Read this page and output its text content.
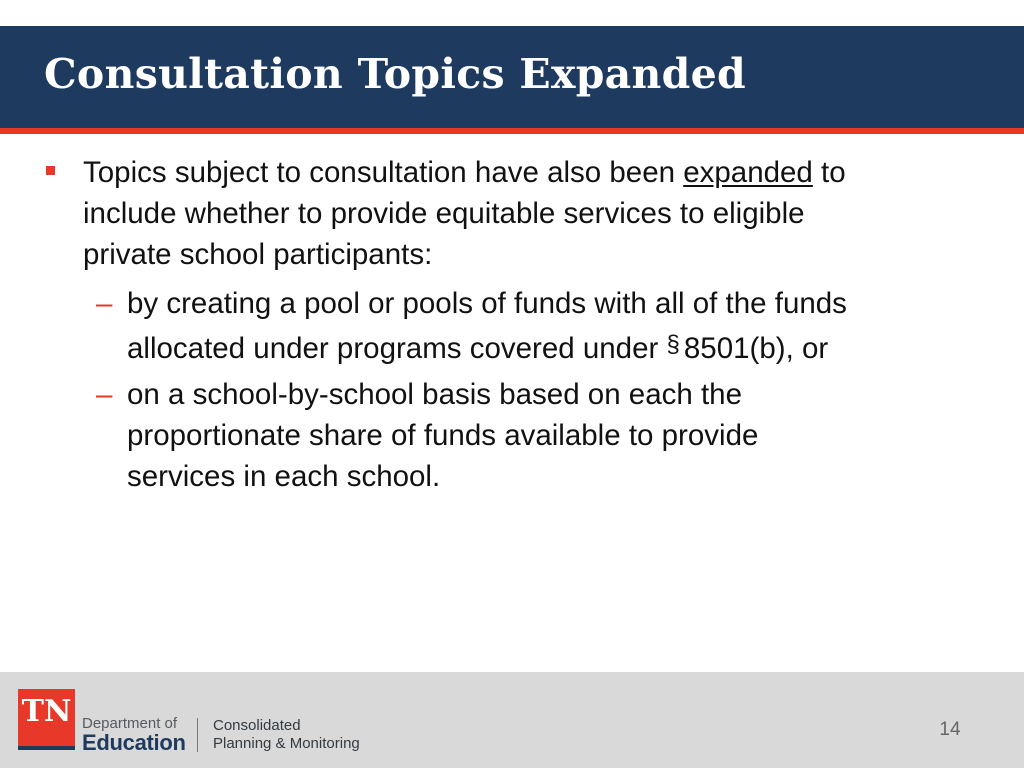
Consultation Topics Expanded
Topics subject to consultation have also been expanded to
include whether to provide equitable services to eligible
private school participants:
– by creating a pool or pools of funds with all of the funds
allocated under programs covered under § 8501(b), or
– on a school-by-school basis based on each the
proportionate share of funds available to provide
services in each school.
TN Department of
Education
Consolidated
Planning & Monitoring
14
